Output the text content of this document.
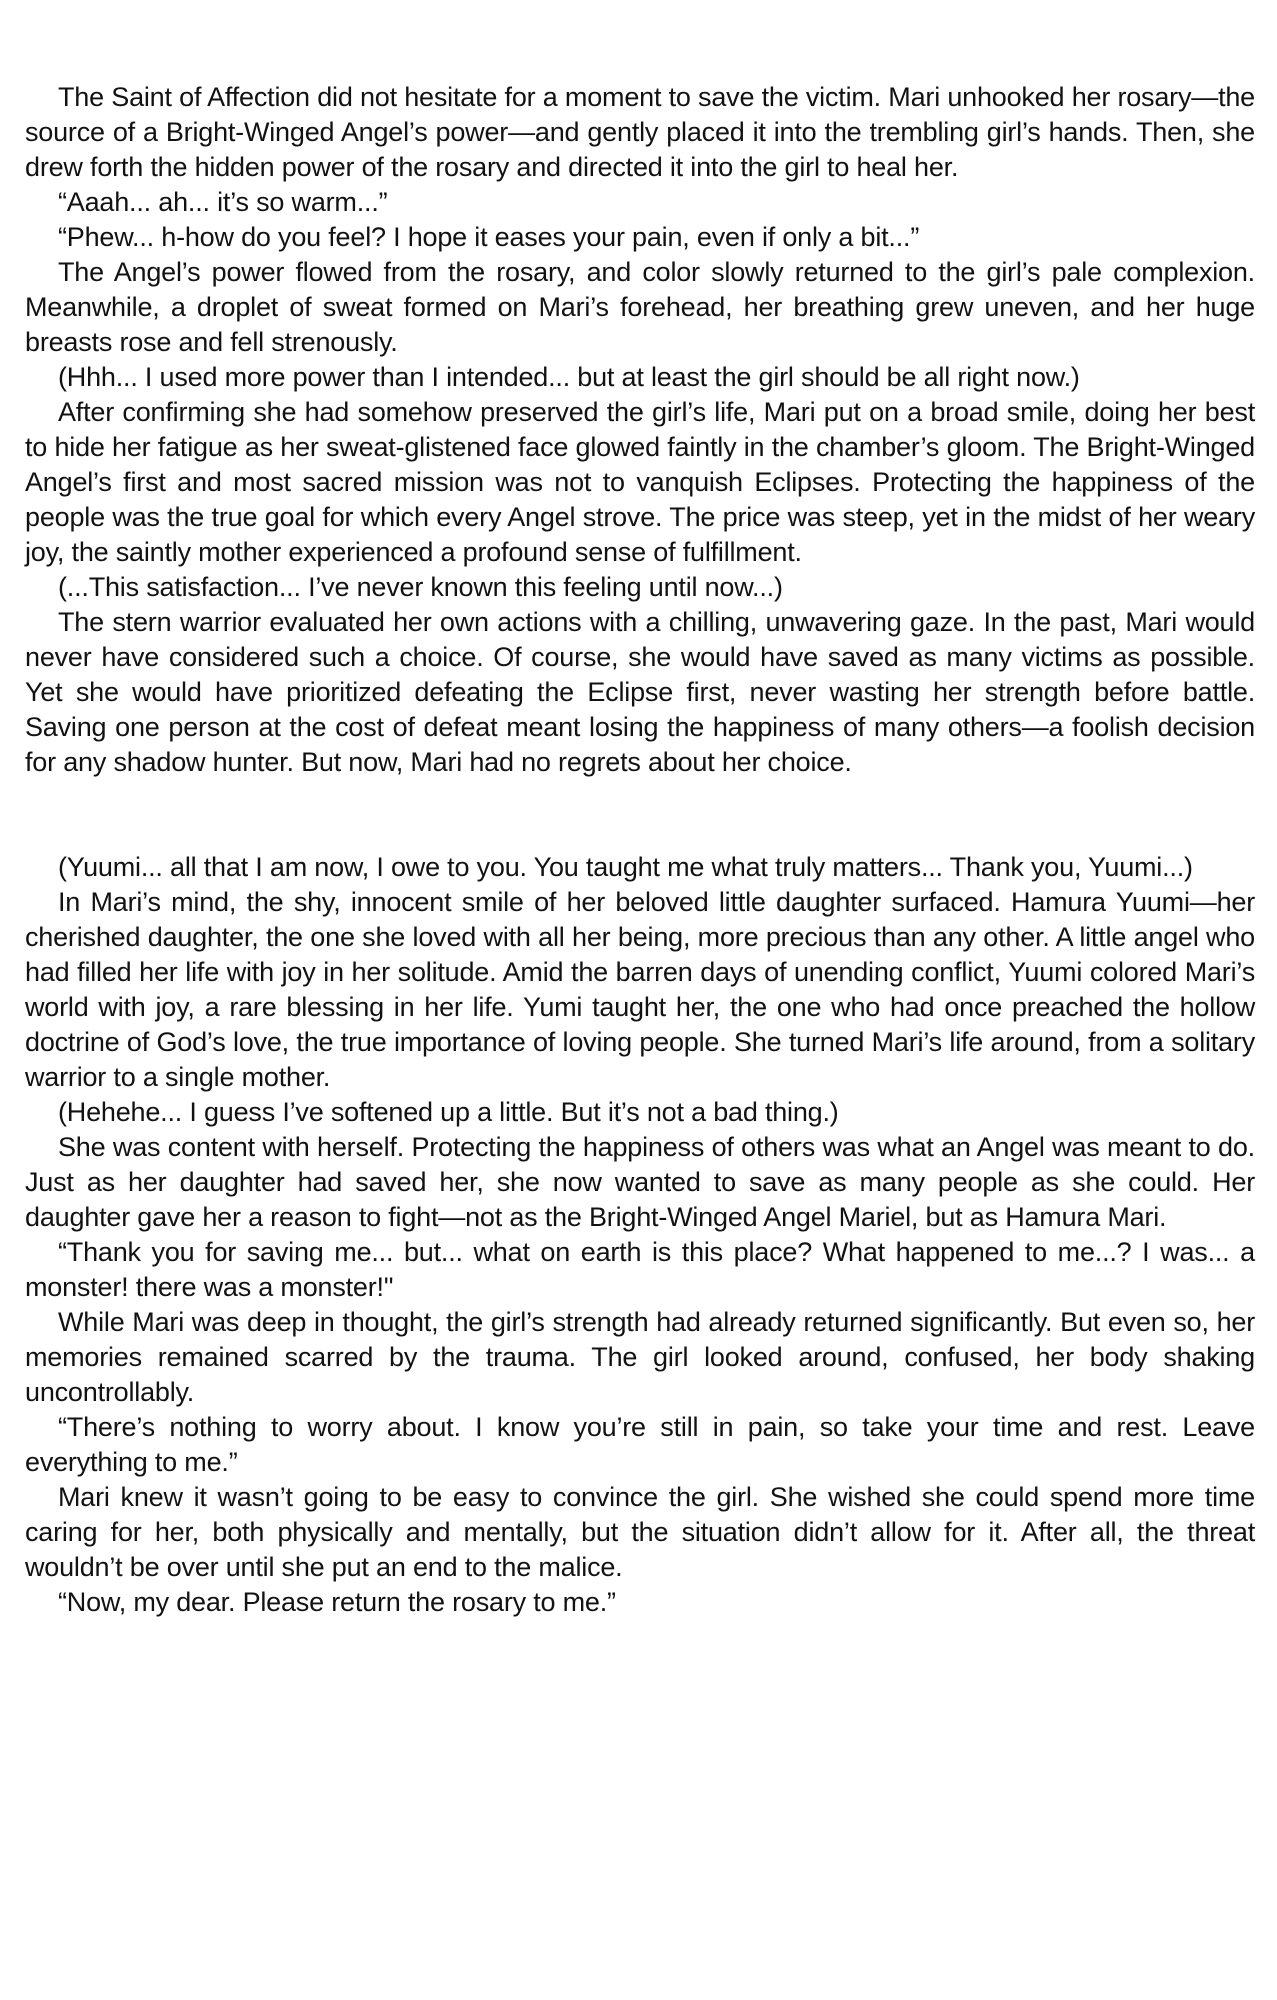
The Saint of Affection did not hesitate for a moment to save the victim. Mari unhooked her rosary—the source of a Bright-Winged Angel’s power—and gently placed it into the trembling girl’s hands. Then, she drew forth the hidden power of the rosary and directed it into the girl to heal her.

“Aaah... ah... it’s so warm...”

“Phew... h-how do you feel? I hope it eases your pain, even if only a bit...”

The Angel’s power flowed from the rosary, and color slowly returned to the girl’s pale complexion. Meanwhile, a droplet of sweat formed on Mari’s forehead, her breathing grew uneven, and her huge breasts rose and fell strenously.

(Hhh... I used more power than I intended... but at least the girl should be all right now.)

After confirming she had somehow preserved the girl’s life, Mari put on a broad smile, doing her best to hide her fatigue as her sweat-glistened face glowed faintly in the chamber’s gloom. The Bright-Winged Angel’s first and most sacred mission was not to vanquish Eclipses. Protecting the happiness of the people was the true goal for which every Angel strove. The price was steep, yet in the midst of her weary joy, the saintly mother experienced a profound sense of fulfillment.

(...This satisfaction... I’ve never known this feeling until now...)

The stern warrior evaluated her own actions with a chilling, unwavering gaze. In the past, Mari would never have considered such a choice. Of course, she would have saved as many victims as possible. Yet she would have prioritized defeating the Eclipse first, never wasting her strength before battle. Saving one person at the cost of defeat meant losing the happiness of many others—a foolish decision for any shadow hunter. But now, Mari had no regrets about her choice.

(Yuumi... all that I am now, I owe to you. You taught me what truly matters... Thank you, Yuumi...)

In Mari’s mind, the shy, innocent smile of her beloved little daughter surfaced. Hamura Yuumi—her cherished daughter, the one she loved with all her being, more precious than any other. A little angel who had filled her life with joy in her solitude. Amid the barren days of unending conflict, Yuumi colored Mari’s world with joy, a rare blessing in her life. Yumi taught her, the one who had once preached the hollow doctrine of God’s love, the true importance of loving people. She turned Mari’s life around, from a solitary warrior to a single mother.

(Hehehe... I guess I’ve softened up a little. But it’s not a bad thing.)

She was content with herself. Protecting the happiness of others was what an Angel was meant to do. Just as her daughter had saved her, she now wanted to save as many people as she could. Her daughter gave her a reason to fight—not as the Bright-Winged Angel Mariel, but as Hamura Mari.

“Thank you for saving me... but... what on earth is this place? What happened to me...? I was... a monster! there was a monster!"

While Mari was deep in thought, the girl’s strength had already returned significantly. But even so, her memories remained scarred by the trauma. The girl looked around, confused, her body shaking uncontrollably.

“There’s nothing to worry about. I know you’re still in pain, so take your time and rest. Leave everything to me.”

Mari knew it wasn’t going to be easy to convince the girl. She wished she could spend more time caring for her, both physically and mentally, but the situation didn’t allow for it. After all, the threat wouldn’t be over until she put an end to the malice.

“Now, my dear. Please return the rosary to me.”
